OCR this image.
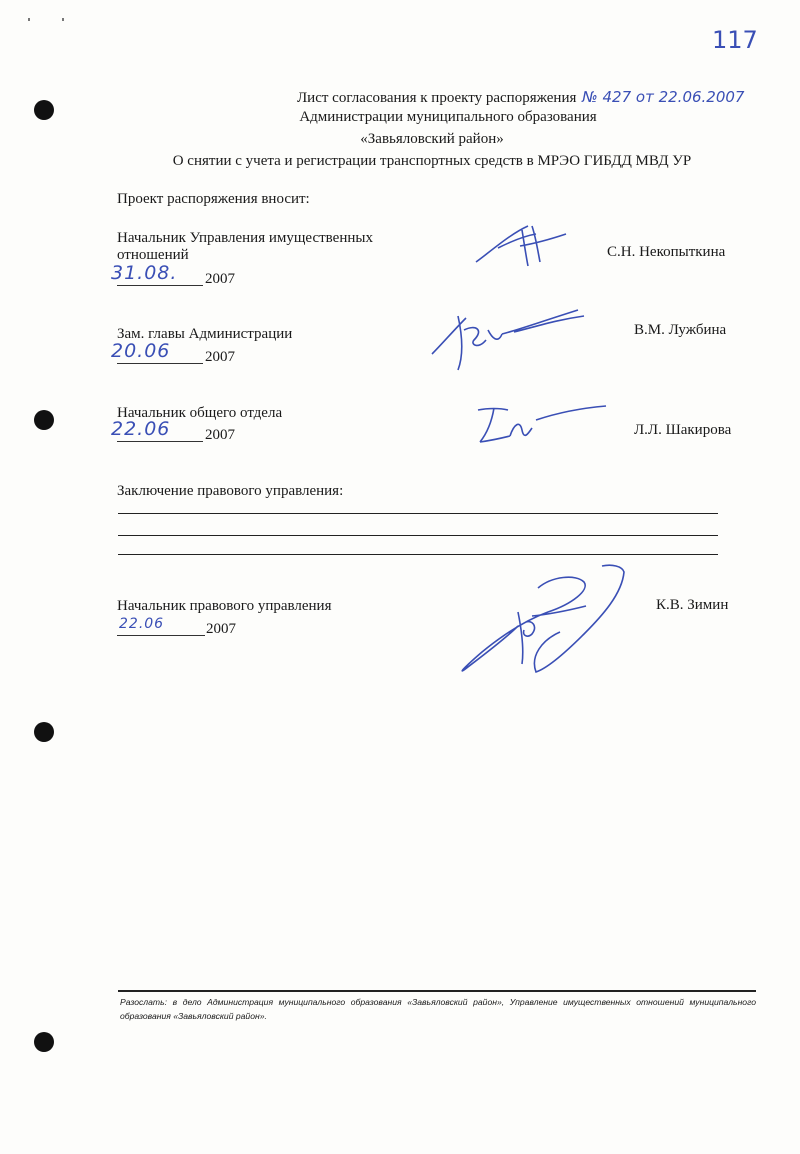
117
Лист согласования к проекту распоряжения № 427 от 22.06.2007
Администрации муниципального образования
«Завьяловский район»
О снятии с учета и регистрации транспортных средств в МРЭО ГИБДД МВД УР
Проект распоряжения вносит:
Начальник Управления имущественных
отношений
31.08. 2007
С.Н. Некопыткина
Зам. главы Администрации
20.06 2007
В.М. Лужбина
Начальник общего отдела
22.06 2007	Л.Л. Шакирова
Заключение правового управления:
Начальник правового управления
22.06	2007
К.В. Зимин
Разослать: в дело Администрация муниципального образования «Завьяловский район», Управление имущественных отношений муниципального образования «Завьяловский район».
